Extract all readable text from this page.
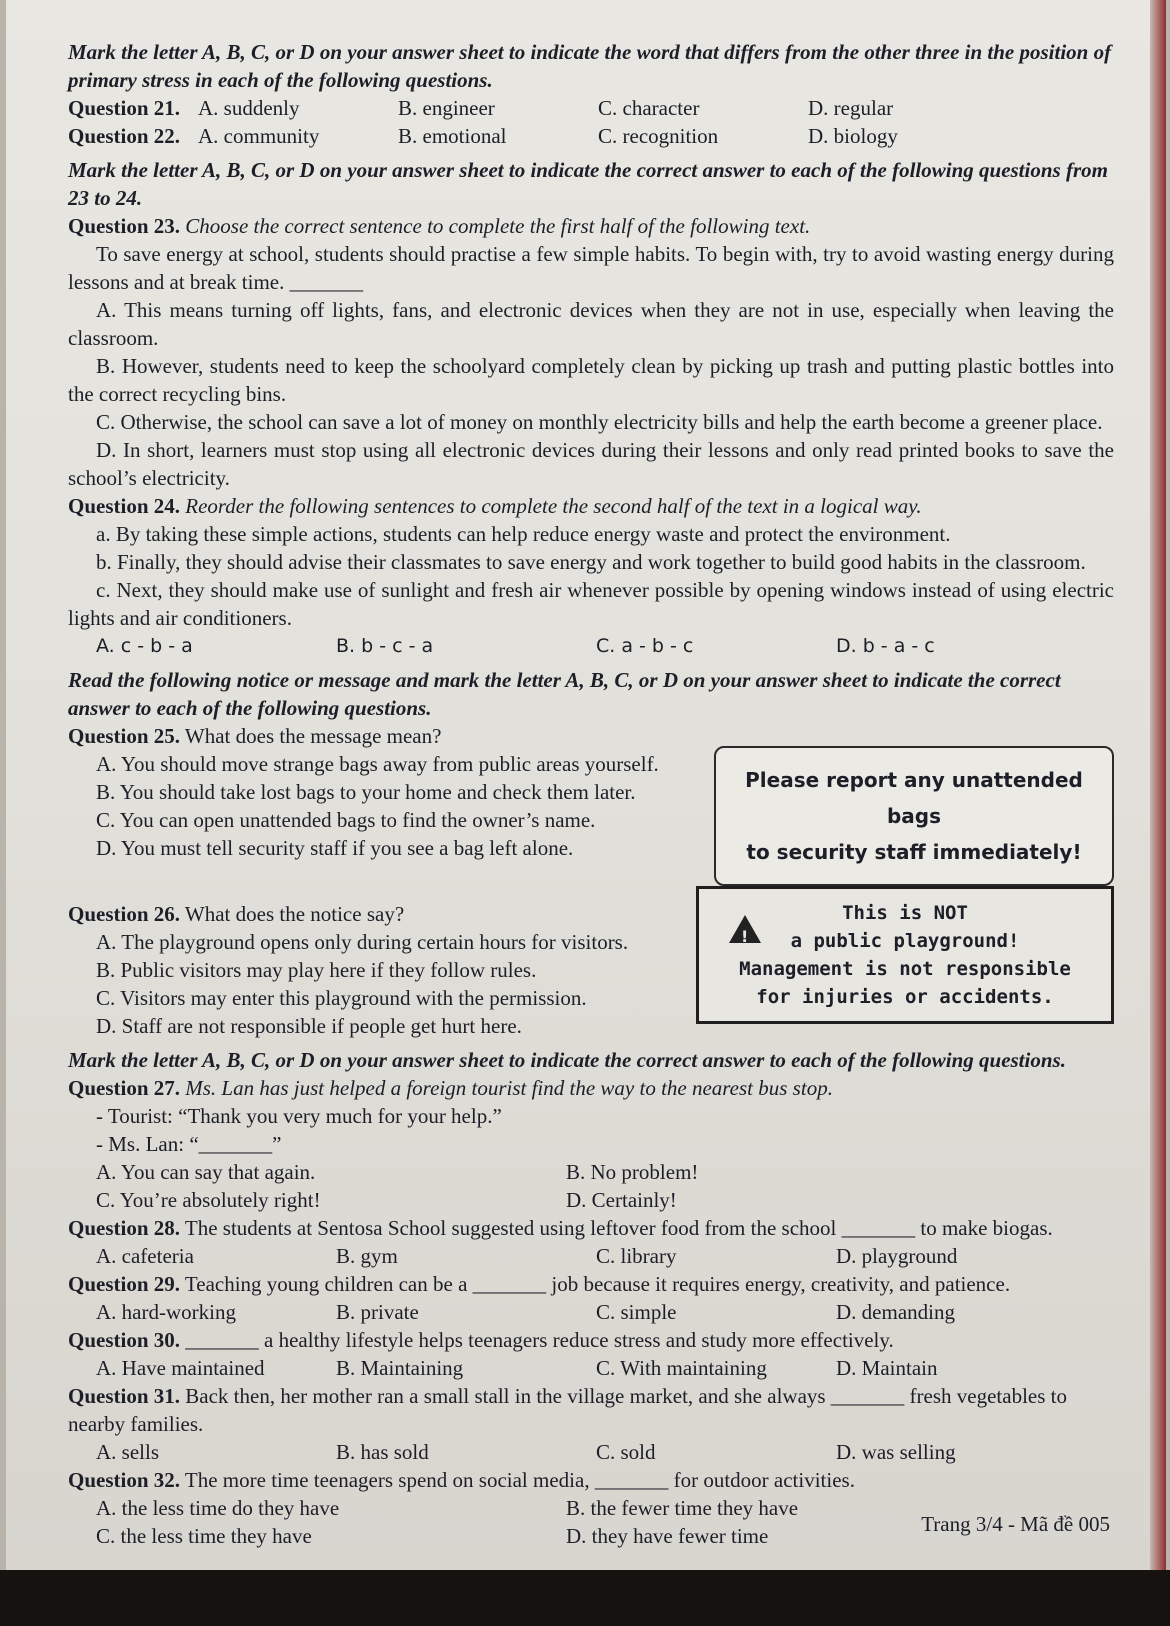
Mark the letter A, B, C, or D on your answer sheet to indicate the word that differs from the other three in the position of primary stress in each of the following questions.

Question 21. A. suddenly	B. engineer	C. character	D. regular
Question 22. A. community	B. emotional	C. recognition	D. biology

Mark the letter A, B, C, or D on your answer sheet to indicate the correct answer to each of the following questions from 23 to 24.

Question 23. Choose the correct sentence to complete the first half of the following text.

To save energy at school, students should practise a few simple habits. To begin with, try to avoid wasting energy during lessons and at break time. _______

A. This means turning off lights, fans, and electronic devices when they are not in use, especially when leaving the classroom.

B. However, students need to keep the schoolyard completely clean by picking up trash and putting plastic bottles into the correct recycling bins.

C. Otherwise, the school can save a lot of money on monthly electricity bills and help the earth become a greener place.

D. In short, learners must stop using all electronic devices during their lessons and only read printed books to save the school’s electricity.

Question 24. Reorder the following sentences to complete the second half of the text in a logical way.

a. By taking these simple actions, students can help reduce energy waste and protect the environment.

b. Finally, they should advise their classmates to save energy and work together to build good habits in the classroom.

c. Next, they should make use of sunlight and fresh air whenever possible by opening windows instead of using electric lights and air conditioners.

A. c - b - a	B. b - c - a	C. a - b - c	D. b - a - c

Read the following notice or message and mark the letter A, B, C, or D on your answer sheet to indicate the correct answer to each of the following questions.

Question 25. What does the message mean?

A. You should move strange bags away from public areas yourself.

B. You should take lost bags to your home and check them later.

C. You can open unattended bags to find the owner’s name.

D. You must tell security staff if you see a bag left alone.

Please report any unattended bags
to security staff immediately!

Question 26. What does the notice say?

A. The playground opens only during certain hours for visitors.

B. Public visitors may play here if they follow rules.

C. Visitors may enter this playground with the permission.

D. Staff are not responsible if people get hurt here.

!
This is NOT
a public playground!
Management is not responsible
for injuries or accidents.

Mark the letter A, B, C, or D on your answer sheet to indicate the correct answer to each of the following questions.

Question 27. Ms. Lan has just helped a foreign tourist find the way to the nearest bus stop.

- Tourist: “Thank you very much for your help.”

- Ms. Lan: “_______”

A. You can say that again.	B. No problem!
C. You’re absolutely right!	D. Certainly!

Question 28. The students at Sentosa School suggested using leftover food from the school _______ to make biogas.

A. cafeteria	B. gym	C. library	D. playground

Question 29. Teaching young children can be a _______ job because it requires energy, creativity, and patience.

A. hard-working	B. private	C. simple	D. demanding

Question 30. _______ a healthy lifestyle helps teenagers reduce stress and study more effectively.

A. Have maintained	B. Maintaining	C. With maintaining	D. Maintain

Question 31. Back then, her mother ran a small stall in the village market, and she always _______ fresh vegetables to nearby families.

A. sells	B. has sold	C. sold	D. was selling

Question 32. The more time teenagers spend on social media, _______ for outdoor activities.

A. the less time do they have	B. the fewer time they have
C. the less time they have	D. they have fewer time	Trang 3/4 - Mã đề 005
